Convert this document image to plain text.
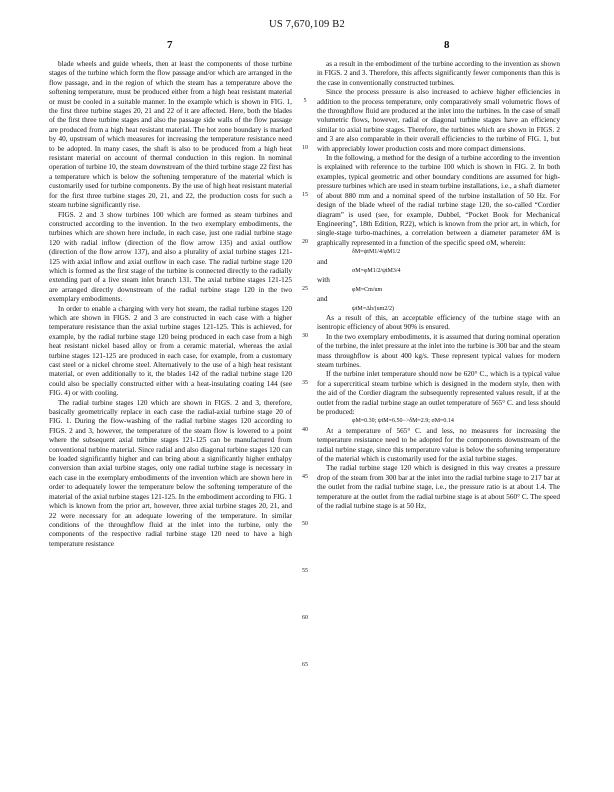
US 7,670,109 B2
7	8

blade wheels and guide wheels, then at least the components of those turbine stages of the turbine which form the flow passage and/or which are arranged in the flow passage, and in the region of which the steam has a temperature above the softening temperature, must be produced either from a high heat resistant material or must be cooled in a suitable manner. In the example which is shown in FIG. 1, the first three turbine stages 20, 21 and 22 of it are affected. Here, both the blades of the first three turbine stages and also the passage side walls of the flow passage are produced from a high heat resistant material. The hot zone boundary is marked by 40, upstream of which measures for increasing the temperature resistance need to be adopted. In many cases, the shaft is also to be produced from a high heat resistant material on account of thermal conduction in this region. In nominal operation of turbine 10, the steam downstream of the third turbine stage 22 first has a temperature which is below the softening temperature of the material which is customarily used for turbine components. By the use of high heat resistant material for the first three turbine stages 20, 21, and 22, the production costs for such a steam turbine significantly rise.

FIGS. 2 and 3 show turbines 100 which are formed as steam turbines and constructed according to the invention. In the two exemplary embodiments, the turbines which are shown here include, in each case, just one radial turbine stage 120 with radial inflow (direction of the flow arrow 135) and axial outflow (direction of the flow arrow 137), and also a plurality of axial turbine stages 121-125 with axial inflow and axial outflow in each case. The radial turbine stage 120 which is formed as the first stage of the turbine is connected directly to the radially extending part of a live steam inlet branch 131. The axial turbine stages 121-125 are arranged directly downstream of the radial turbine stage 120 in the two exemplary embodiments.

In order to enable a charging with very hot steam, the radial turbine stages 120 which are shown in FIGS. 2 and 3 are constructed in each case with a higher temperature resistance than the axial turbine stages 121-125. This is achieved, for example, by the radial turbine stage 120 being produced in each case from a high heat resistant nickel based alloy or from a ceramic material, whereas the axial turbine stages 121-125 are produced in each case, for example, from a customary cast steel or a nickel chrome steel. Alternatively to the use of a high heat resistant material, or even additionally to it, the blades 142 of the radial turbine stage 120 could also be specially constructed either with a heat-insulating coating 144 (see FIG. 4) or with cooling.

The radial turbine stages 120 which are shown in FIGS. 2 and 3, therefore, basically geometrically replace in each case the radial-axial turbine stage 20 of FIG. 1. During the flow-washing of the radial turbine stages 120 according to FIGS. 2 and 3, however, the temperature of the steam flow is lowered to a point where the subsequent axial turbine stages 121-125 can be manufactured from conventional turbine material. Since radial and also diagonal turbine stages 120 can be loaded significantly higher and can bring about a significantly higher enthalpy conversion than axial turbine stages, only one radial turbine stage is necessary in each case in the exemplary embodiments of the invention which are shown here in order to adequately lower the temperature below the softening temperature of the material of the axial turbine stages 121-125. In the embodiment according to FIG. 1 which is known from the prior art, however, three axial turbine stages 20, 21, and 22 were necessary for an adequate lowering of the temperature. In similar conditions of the throughflow fluid at the inlet into the turbine, only the components of the respective radial turbine stage 120 need to have a high temperature resistance

5
10
15
20
25
30
35
40
45
50
55
60
65

as a result in the embodiment of the turbine according to the invention as shown in FIGS. 2 and 3. Therefore, this affects significantly fewer components than this is the case in conventionally constructed turbines.

Since the process pressure is also increased to achieve higher efficiencies in addition to the process temperature, only comparatively small volumetric flows of the throughflow fluid are produced at the inlet into the turbines. In the case of small volumetric flows, however, radial or diagonal turbine stages have an efficiency similar to axial turbine stages. Therefore, the turbines which are shown in FIGS. 2 and 3 are also comparable in their overall efficiencies to the turbine of FIG. 1, but with appreciably lower production costs and more compact dimensions.

In the following, a method for the design of a turbine according to the invention is explained with reference to the turbine 100 which is shown in FIG. 2. In both examples, typical geometric and other boundary conditions are assumed for high-pressure turbines which are used in steam turbine installations, i.e., a shaft diameter of about 880 mm and a nominal speed of the turbine installation of 50 Hz. For design of the blade wheel of the radial turbine stage 120, the so-called “Cordier diagram” is used (see, for example, Dubbel, “Pocket Book for Mechanical Engineering”, 18th Edition, R22), which is known from the prior art, in which, for single-stage turbo-machines, a correlation between a diameter parameter δM is graphically represented in a function of the specific speed σM, wherein:

δM=ψtM1/4/φM1/2

and

σM=φM1/2/ψtM3/4

with

φM=Cm/um

and

ψtM=Δh/(um2/2)

As a result of this, an acceptable efficiency of the turbine stage with an isentropic efficiency of about 90% is ensured.

In the two exemplary embodiments, it is assumed that during nominal operation of the turbine, the inlet pressure at the inlet into the turbine is 300 bar and the steam mass throughflow is about 400 kg/s. These represent typical values for modern steam turbines.

If the turbine inlet temperature should now be 620° C., which is a typical value for a supercritical steam turbine which is designed in the modern style, then with the aid of the Cordier diagram the subsequently represented values result, if at the outlet from the radial turbine stage an outlet temperature of 565° C. and less should be produced:

φM=0.30; ψtM=6.50−>δM=2.9; σM=0.14

At a temperature of 565° C. and less, no measures for increasing the temperature resistance need to be adopted for the components downstream of the radial turbine stage, since this temperature value is below the softening temperature of the material which is customarily used for the axial turbine stages.

The radial turbine stage 120 which is designed in this way creates a pressure drop of the steam from 300 bar at the inlet into the radial turbine stage to 217 bar at the outlet from the radial turbine stage, i.e., the pressure ratio is at about 1.4. The temperature at the outlet from the radial turbine stage is at about 560° C. The speed of the radial turbine stage is at 50 Hz,
